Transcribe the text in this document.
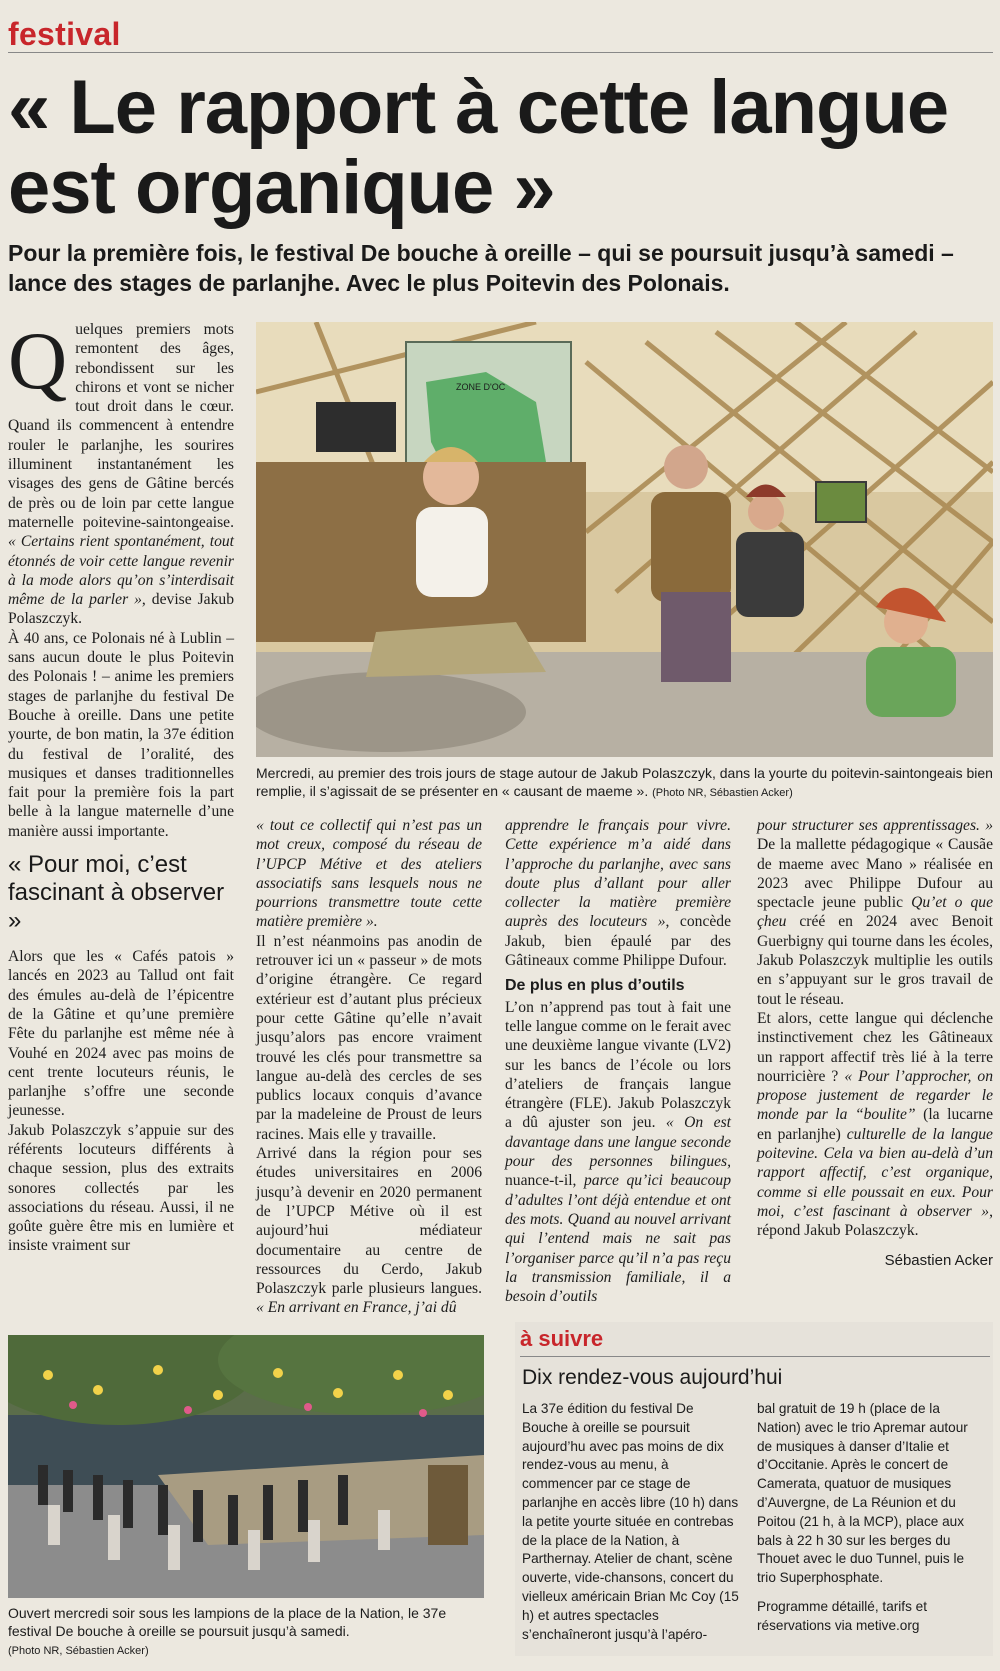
festival
« Le rapport à cette langue est organique »
Pour la première fois, le festival De bouche à oreille – qui se poursuit jusqu’à samedi – lance des stages de parlanjhe. Avec le plus Poitevin des Polonais.

Quelques premiers mots remontent des âges, rebondissent sur les chirons et vont se nicher tout droit dans le cœur. Quand ils commencent à entendre rouler le parlanjhe, les sourires illuminent instantanément les visages des gens de Gâtine bercés de près ou de loin par cette langue maternelle poitevine-saintongeaise. « Certains rient spontanément, tout étonnés de voir cette langue revenir à la mode alors qu’on s’interdisait même de la parler », devise Jakub Polaszczyk.

À 40 ans, ce Polonais né à Lublin – sans aucun doute le plus Poitevin des Polonais ! – anime les premiers stages de parlanjhe du festival De Bouche à oreille. Dans une petite yourte, de bon matin, la 37e édition du festival de l’oralité, des musiques et danses traditionnelles fait pour la première fois la part belle à la langue maternelle d’une manière aussi importante.

« Pour moi, c’est fascinant à observer »

Alors que les « Cafés patois » lancés en 2023 au Tallud ont fait des émules au-delà de l’épicentre de la Gâtine et qu’une première Fête du parlanjhe est même née à Vouhé en 2024 avec pas moins de cent trente locuteurs réunis, le parlanjhe s’offre une seconde jeunesse.

Jakub Polaszczyk s’appuie sur des référents locuteurs différents à chaque session, plus des extraits sonores collectés par les associations du réseau. Aussi, il ne goûte guère être mis en lumière et insiste vraiment sur

ZONE D'OC
Mercredi, au premier des trois jours de stage autour de Jakub Polaszczyk, dans la yourte du poitevin-saintongeais bien remplie, il s’agissait de se présenter en « causant de maeme ». (Photo NR, Sébastien Acker)

« tout ce collectif qui n’est pas un mot creux, composé du réseau de l’UPCP Métive et des ateliers associatifs sans lesquels nous ne pourrions transmettre toute cette matière première ».

Il n’est néanmoins pas anodin de retrouver ici un « passeur » de mots d’origine étrangère. Ce regard extérieur est d’autant plus précieux pour cette Gâtine qu’elle n’avait jusqu’alors pas encore vraiment trouvé les clés pour transmettre sa langue au-delà des cercles de ses publics locaux conquis d’avance par la madeleine de Proust de leurs racines. Mais elle y travaille.

Arrivé dans la région pour ses études universitaires en 2006 jusqu’à devenir en 2020 permanent de l’UPCP Métive où il est aujourd’hui médiateur documentaire au centre de ressources du Cerdo, Jakub Polaszczyk parle plusieurs langues. « En arrivant en France, j’ai dû

apprendre le français pour vivre. Cette expérience m’a aidé dans l’approche du parlanjhe, avec sans doute plus d’allant pour aller collecter la matière première auprès des locuteurs », concède Jakub, bien épaulé par des Gâtineaux comme Philippe Dufour.

De plus en plus d’outils

L’on n’apprend pas tout à fait une telle langue comme on le ferait avec une deuxième langue vivante (LV2) sur les bancs de l’école ou lors d’ateliers de français langue étrangère (FLE). Jakub Polaszczyk a dû ajuster son jeu. « On est davantage dans une langue seconde pour des personnes bilingues, nuance-t-il, parce qu’ici beaucoup d’adultes l’ont déjà entendue et ont des mots. Quand au nouvel arrivant qui l’entend mais ne sait pas l’organiser parce qu’il n’a pas reçu la transmission familiale, il a besoin d’outils

pour structurer ses apprentissages. » De la mallette pédagogique « Causãe de maeme avec Mano » réalisée en 2023 avec Philippe Dufour au spectacle jeune public Qu’et o que çheu créé en 2024 avec Benoit Guerbigny qui tourne dans les écoles, Jakub Polaszczyk multiplie les outils en s’appuyant sur le gros travail de tout le réseau.

Et alors, cette langue qui déclenche instinctivement chez les Gâtineaux un rapport affectif très lié à la terre nourricière ? « Pour l’approcher, on propose justement de regarder le monde par la “boulite” (la lucarne en parlanjhe) culturelle de la langue poitevine. Cela va bien au-delà d’un rapport affectif, c’est organique, comme si elle poussait en eux. Pour moi, c’est fascinant à observer », répond Jakub Polaszczyk.

Sébastien Acker

Ouvert mercredi soir sous les lampions de la place de la Nation, le 37e festival De bouche à oreille se poursuit jusqu’à samedi.
(Photo NR, Sébastien Acker)
à suivre
Dix rendez-vous aujourd’hui

La 37e édition du festival De Bouche à oreille se poursuit aujourd’hu avec pas moins de dix rendez-vous au menu, à commencer par ce stage de parlanjhe en accès libre (10 h) dans la petite yourte située en contrebas de la place de la Nation, à Parthernay. Atelier de chant, scène ouverte, vide-chansons, concert du vielleux américain Brian Mc Coy (15 h) et autres spectacles s’enchaîneront jusqu’à l’apéro-

bal gratuit de 19 h (place de la Nation) avec le trio Apremar autour de musiques à danser d’Italie et d’Occitanie. Après le concert de Camerata, quatuor de musiques d’Auvergne, de La Réunion et du Poitou (21 h, à la MCP), place aux bals à 22 h 30 sur les berges du Thouet avec le duo Tunnel, puis le trio Superphosphate.

Programme détaillé, tarifs et réservations via metive.org
